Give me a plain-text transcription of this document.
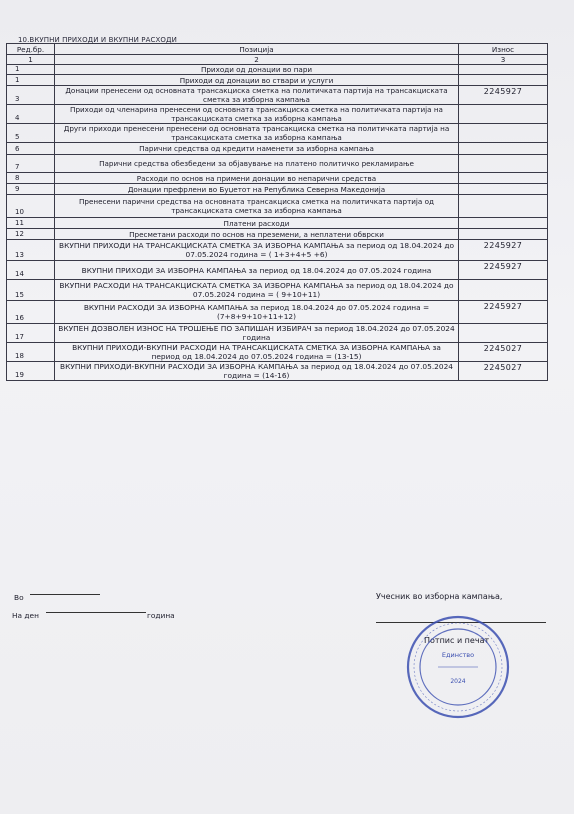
10.ВКУПНИ ПРИХОДИ И ВКУПНИ РАСХОДИ
Ред.бр.	Позиција	Износ
1	2	3
1	Приходи од донации во пари	
1	Приходи од донации во ствари и услуги	
3	Донации пренесени од основната трансакциска сметка на политичката партија на трансакциската сметка за изборна кампања	2245927
4	Приходи од членарина пренесени од основната трансакциска сметка на политичката партија на трансакциската сметка за изборна кампања	
5	Други приходи пренесени пренесени од основната трансакциска сметка на политичката партија на трансакциската сметка за изборна кампања	
6	Парични средства од кредити наменети за изборна кампања	
7	Парични средства обезбедени за објавување на платено политичко рекламирање	
8	Расходи по основ на примени донации во непарични средства	
9	Донации префрлени во Буџетот на Република Северна Македонија	
10	Пренесени парични средства на основната трансакциска сметка на политичката партија од трансакциската сметка за изборна кампања	
11	Платени расходи	
12	Пресметани расходи по основ на преземени, а неплатени обврски	
13	ВКУПНИ ПРИХОДИ НА ТРАНСАКЦИСКАТА СМЕТКА ЗА ИЗБОРНА КАМПАЊА за период од 18.04.2024 до 07.05.2024 година = ( 1+3+4+5 +6)	2245927
14	ВКУПНИ ПРИХОДИ ЗА ИЗБОРНА КАМПАЊА за период од 18.04.2024 до 07.05.2024 година	2245927
15	ВКУПНИ РАСХОДИ НА ТРАНСАКЦИСКАТА СМЕТКА ЗА ИЗБОРНА КАМПАЊА за период од 18.04.2024 до 07.05.2024 година = ( 9+10+11)	
16	ВКУПНИ РАСХОДИ ЗА ИЗБОРНА КАМПАЊА за период 18.04.2024 до 07.05.2024 година = (7+8+9+10+11+12)	2245927
17	ВКУПЕН ДОЗВОЛЕН ИЗНОС НА ТРОШЕЊЕ ПО ЗАПИШАН ИЗБИРАЧ за период 18.04.2024 до 07.05.2024 година	
18	ВКУПНИ ПРИХОДИ-ВКУПНИ РАСХОДИ НА ТРАНСАКЦИСКАТА СМЕТКА ЗА ИЗБОРНА КАМПАЊА за период од 18.04.2024 до 07.05.2024 година = (13-15)	2245027
19	ВКУПНИ ПРИХОДИ-ВКУПНИ РАСХОДИ ЗА ИЗБОРНА КАМПАЊА за период од 18.04.2024 до 07.05.2024 година = (14-16)	2245027
Во
На ден	година
Учесник во изборна кампања,
Потпис и печат
Единство
2024
